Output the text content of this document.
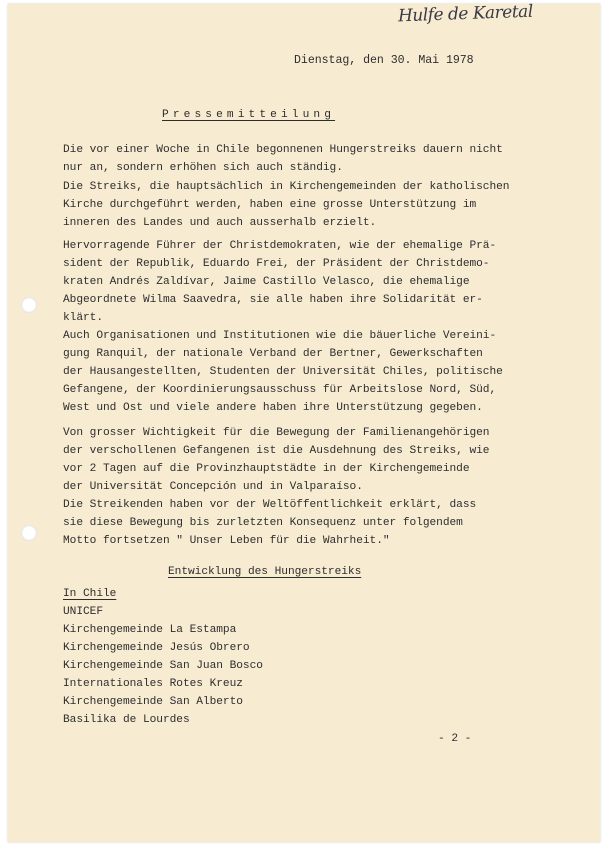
Hulfe de Karetal
Dienstag, den 30. Mai 1978
Pressemitteilung
Die vor einer Woche in Chile begonnenen Hungerstreiks dauern nicht
nur an, sondern erhöhen sich auch ständig.
Die Streiks, die hauptsächlich in Kirchengemeinden der katholischen
Kirche durchgeführt werden, haben eine grosse Unterstützung im
inneren des Landes und auch ausserhalb erzielt.
Hervorragende Führer der Christdemokraten, wie der ehemalige Prä-
sident der Republik, Eduardo Frei, der Präsident der Christdemo-
kraten Andrés Zaldívar, Jaime Castillo Velasco, die ehemalige
Abgeordnete Wilma Saavedra, sie alle haben ihre Solidarität er-
klärt.
Auch Organisationen und Institutionen wie die bäuerliche Vereini-
gung Ranquil, der nationale Verband der Bertner, Gewerkschaften
der Hausangestellten, Studenten der Universität Chiles, politische
Gefangene, der Koordinierungsausschuss für Arbeitslose Nord, Süd,
West und Ost und viele andere haben ihre Unterstützung gegeben.
Von grosser Wichtigkeit für die Bewegung der Familienangehörigen
der verschollenen Gefangenen ist die Ausdehnung des Streiks, wie
vor 2 Tagen auf die Provinzhauptstädte in der Kirchengemeinde
der Universität Concepción und in Valparaíso.
Die Streikenden haben vor der Weltöffentlichkeit erklärt, dass
sie diese Bewegung bis zurletzten Konsequenz unter folgendem
Motto fortsetzen " Unser Leben für die Wahrheit."
Entwicklung des Hungerstreiks
In Chile
UNICEF
Kirchengemeinde La Estampa
Kirchengemeinde Jesús Obrero
Kirchengemeinde San Juan Bosco
Internationales Rotes Kreuz
Kirchengemeinde San Alberto
Basilika de Lourdes
- 2 -
